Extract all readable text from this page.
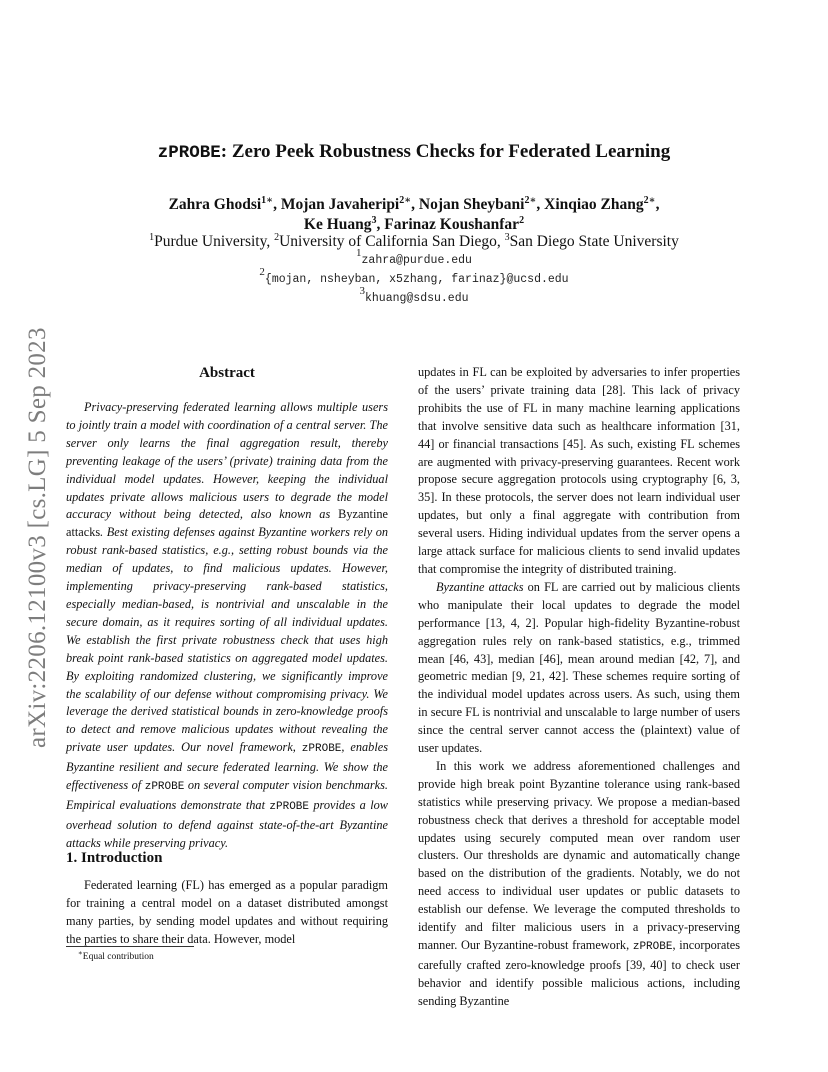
arXiv:2206.12100v3 [cs.LG] 5 Sep 2023
zPROBE: Zero Peek Robustness Checks for Federated Learning
Zahra Ghodsi$^{1∗}$, Mojan Javaheripi$^{2∗}$, Nojan Sheybani$^{2∗}$, Xinqiao Zhang$^{2∗}$,
Ke Huang$^3$, Farinaz Koushanfar$^2$
$^1$Purdue University, $^2$University of California San Diego, $^3$San Diego State University
$^1$zahra@purdue.edu
$^2${mojan, nsheyban, x5zhang, farinaz}@ucsd.edu
$^3$khuang@sdsu.edu
Abstract
Privacy-preserving federated learning allows multiple users to jointly train a model with coordination of a central server. The server only learns the final aggregation result, thereby preventing leakage of the users’ (private) training data from the individual model updates. However, keeping the individual updates private allows malicious users to degrade the model accuracy without being detected, also known as Byzantine attacks. Best existing defenses against Byzantine workers rely on robust rank-based statistics, e.g., setting robust bounds via the median of updates, to find malicious updates. However, implementing privacy-preserving rank-based statistics, especially median-based, is nontrivial and unscalable in the secure domain, as it requires sorting of all individual updates. We establish the first private robustness check that uses high break point rank-based statistics on aggregated model updates. By exploiting randomized clustering, we significantly improve the scalability of our defense without compromising privacy. We leverage the derived statistical bounds in zero-knowledge proofs to detect and remove malicious updates without revealing the private user updates. Our novel framework, zPROBE, enables Byzantine resilient and secure federated learning. We show the effectiveness of zPROBE on several computer vision benchmarks. Empirical evaluations demonstrate that zPROBE provides a low overhead solution to defend against state-of-the-art Byzantine attacks while preserving privacy.
1. Introduction
Federated learning (FL) has emerged as a popular paradigm for training a central model on a dataset distributed amongst many parties, by sending model updates and without requiring the parties to share their data. However, model

updates in FL can be exploited by adversaries to infer properties of the users’ private training data [28]. This lack of privacy prohibits the use of FL in many machine learning applications that involve sensitive data such as healthcare information [31, 44] or financial transactions [45]. As such, existing FL schemes are augmented with privacy-preserving guarantees. Recent work propose secure aggregation protocols using cryptography [6, 3, 35]. In these protocols, the server does not learn individual user updates, but only a final aggregate with contribution from several users. Hiding individual updates from the server opens a large attack surface for malicious clients to send invalid updates that compromise the integrity of distributed training.

Byzantine attacks on FL are carried out by malicious clients who manipulate their local updates to degrade the model performance [13, 4, 2]. Popular high-fidelity Byzantine-robust aggregation rules rely on rank-based statistics, e.g., trimmed mean [46, 43], median [46], mean around median [42, 7], and geometric median [9, 21, 42]. These schemes require sorting of the individual model updates across users. As such, using them in secure FL is nontrivial and unscalable to large number of users since the central server cannot access the (plaintext) value of user updates.

In this work we address aforementioned challenges and provide high break point Byzantine tolerance using rank-based statistics while preserving privacy. We propose a median-based robustness check that derives a threshold for acceptable model updates using securely computed mean over random user clusters. Our thresholds are dynamic and automatically change based on the distribution of the gradients. Notably, we do not need access to individual user updates or public datasets to establish our defense. We leverage the computed thresholds to identify and filter malicious users in a privacy-preserving manner. Our Byzantine-robust framework, zPROBE, incorporates carefully crafted zero-knowledge proofs [39, 40] to check user behavior and identify possible malicious actions, including sending Byzantine

∗Equal contribution
